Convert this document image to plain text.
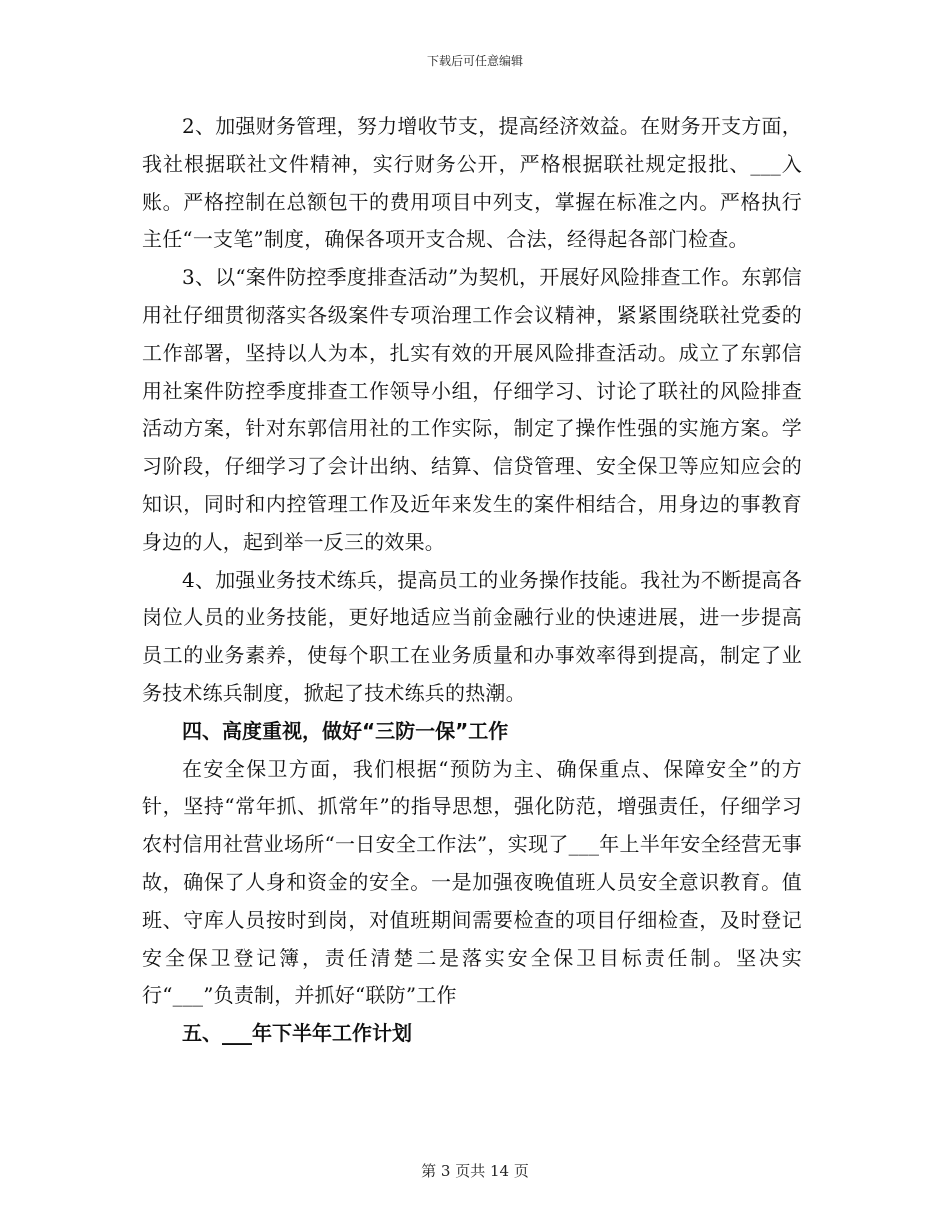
下载后可任意编辑

2、加强财务管理，努力增收节支，提高经济效益。在财务开支方面，我社根据联社文件精神，实行财务公开，严格根据联社规定报批、___入账。严格控制在总额包干的费用项目中列支，掌握在标准之内。严格执行主任“一支笔”制度，确保各项开支合规、合法，经得起各部门检查。

3、以“案件防控季度排查活动”为契机，开展好风险排查工作。东郭信用社仔细贯彻落实各级案件专项治理工作会议精神，紧紧围绕联社党委的工作部署，坚持以人为本，扎实有效的开展风险排查活动。成立了东郭信用社案件防控季度排查工作领导小组，仔细学习、讨论了联社的风险排查活动方案，针对东郭信用社的工作实际，制定了操作性强的实施方案。学习阶段，仔细学习了会计出纳、结算、信贷管理、安全保卫等应知应会的知识，同时和内控管理工作及近年来发生的案件相结合，用身边的事教育身边的人，起到举一反三的效果。

4、加强业务技术练兵，提高员工的业务操作技能。我社为不断提高各岗位人员的业务技能，更好地适应当前金融行业的快速进展，进一步提高员工的业务素养，使每个职工在业务质量和办事效率得到提高，制定了业务技术练兵制度，掀起了技术练兵的热潮。

四、高度重视，做好“三防一保”工作

在安全保卫方面，我们根据“预防为主、确保重点、保障安全”的方针，坚持“常年抓、抓常年”的指导思想，强化防范，增强责任，仔细学习农村信用社营业场所“一日安全工作法”，实现了___年上半年安全经营无事故，确保了人身和资金的安全。一是加强夜晚值班人员安全意识教育。值班、守库人员按时到岗，对值班期间需要检查的项目仔细检查，及时登记安全保卫登记簿，责任清楚二是落实安全保卫目标责任制。坚决实行“___”负责制，并抓好“联防”工作

五、___年下半年工作计划

第 3 页共 14 页
